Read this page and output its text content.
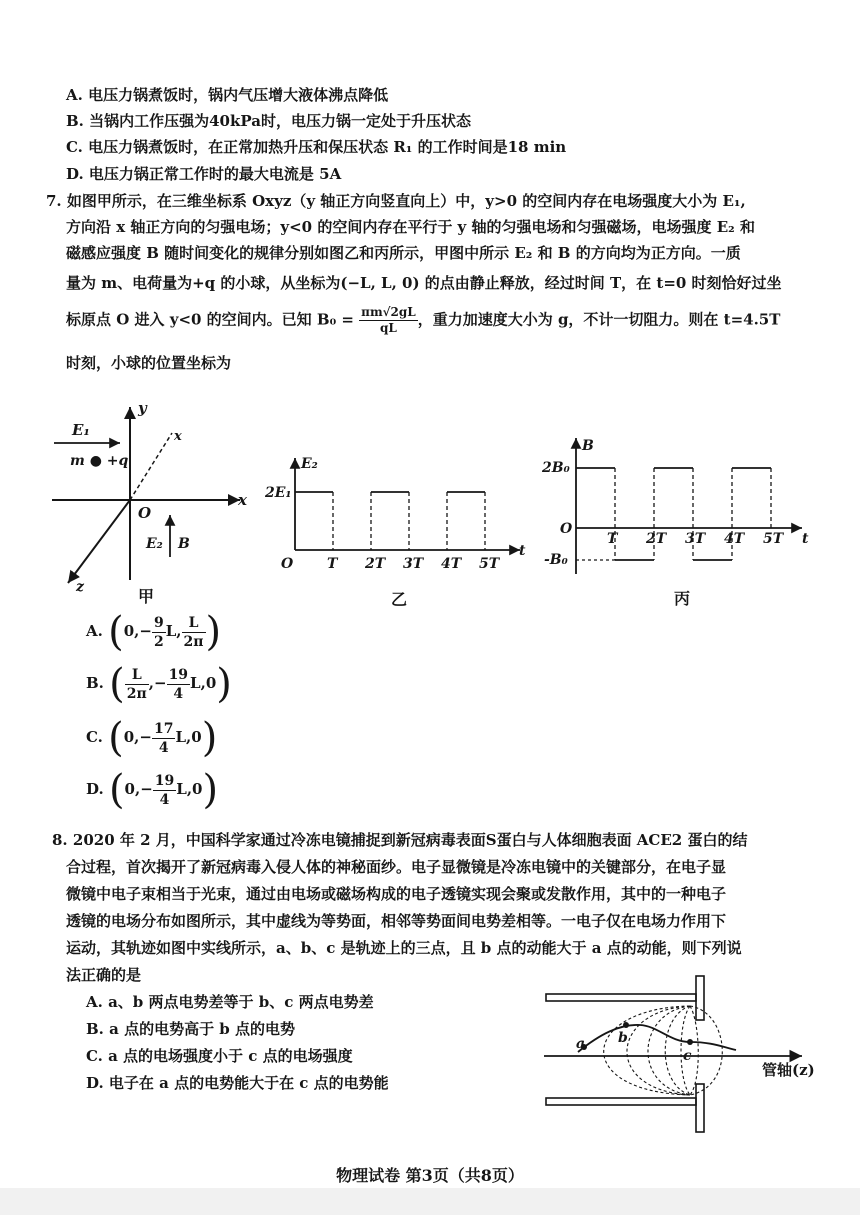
A. 电压力锅煮饭时，锅内气压增大液体沸点降低
B. 当锅内工作压强为40kPa时，电压力锅一定处于升压状态
C. 电压力锅煮饭时，在正常加热升压和保压状态 R₁ 的工作时间是18 min
D. 电压力锅正常工作时的最大电流是 5A
7. 如图甲所示，在三维坐标系 Oxyz（y 轴正方向竖直向上）中，y>0 的空间内存在电场强度大小为 E₁,
方向沿 x 轴正方向的匀强电场；y<0 的空间内存在平行于 y 轴的匀强电场和匀强磁场，电场强度 E₂ 和
磁感应强度 B 随时间变化的规律分别如图乙和丙所示，甲图中所示 E₂ 和 B 的方向均为正方向。一质
量为 m、电荷量为+q 的小球，从坐标为(−L, L, 0) 的点由静止释放，经过时间 T，在 t=0 时刻恰好过坐
标原点 O 进入 y<0 的空间内。已知 $B_0 = \frac{\pi m√2gL}{qL}$ ，重力加速度大小为 g，不计一切阻力。则在 t=4.5T
时刻，小球的位置坐标为
y
x
z
x
O
E₁
m ● +q
E₂ B
甲
E₂
t
2E₁
O T 2T 3T 4T 5T
乙
B
t
2B₀
-B₀
O
T 2T 3T 4T 5T
丙
A. ($0,- \frac{9}{2} L$, $\frac{L}{2\pi}$ )
B. ( $\frac{L}{2\pi}$ ,− $\frac{19}{4} L,0$)
C. $(0,- \frac{17}{4} L,0)$
D. $(0,- \frac{19}{4} L,0)$
8. 2020 年 2 月，中国科学家通过冷冻电镜捕捉到新冠病毒表面S蛋白与人体细胞表面 ACE2 蛋白的结
合过程，首次揭开了新冠病毒入侵人体的神秘面纱。电子显微镜是冷冻电镜中的关键部分，在电子显
微镜中电子束相当于光束，通过由电场或磁场构成的电子透镜实现会聚或发散作用，其中的一种电子
透镜的电场分布如图所示，其中虚线为等势面，相邻等势面间电势差相等。一电子仅在电场力作用下
运动，其轨迹如图中实线所示，a、b、c 是轨迹上的三点，且 b 点的动能大于 a 点的动能，则下列说
法正确的是
A. a、b 两点电势差等于 b、c 两点电势差
B. a 点的电势高于 b 点的电势
C. a 点的电场强度小于 c 点的电场强度
D. 电子在 a 点的电势能大于在 c 点的电势能
a b
c
管轴(z)
物理试卷 第3页（共8页）
